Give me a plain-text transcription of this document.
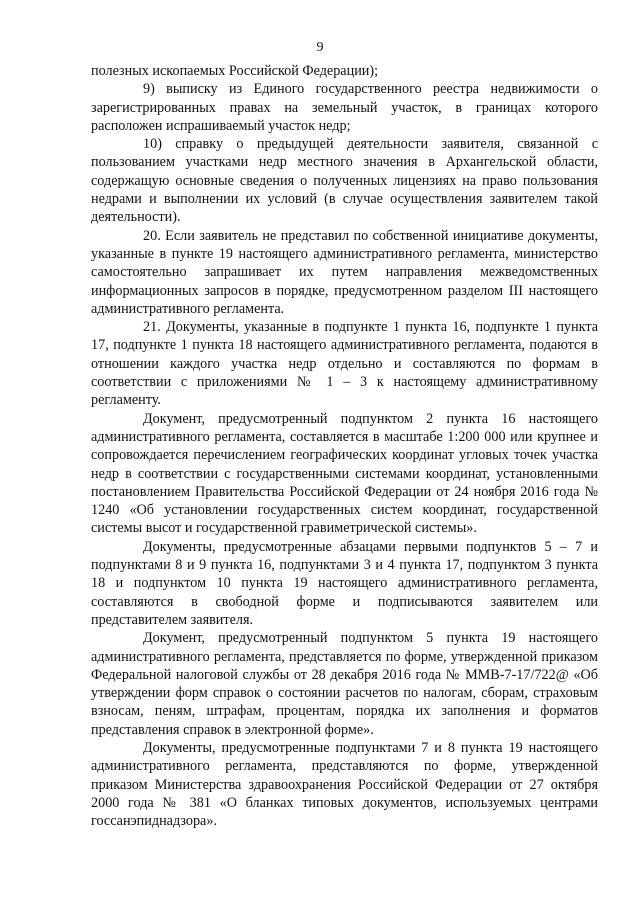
9

полезных ископаемых Российской Федерации);

9) выписку из Единого государственного реестра недвижимости о зарегистрированных правах на земельный участок, в границах которого расположен испрашиваемый участок недр;

10) справку о предыдущей деятельности заявителя, связанной с пользованием участками недр местного значения в Архангельской области, содержащую основные сведения о полученных лицензиях на право пользования недрами и выполнении их условий (в случае осуществления заявителем такой деятельности).

20. Если заявитель не представил по собственной инициативе документы, указанные в пункте 19 настоящего административного регламента, министерство самостоятельно запрашивает их путем направления межведомственных информационных запросов в порядке, предусмотренном разделом III настоящего административного регламента.

21. Документы, указанные в подпункте 1 пункта 16, подпункте 1 пункта 17, подпункте 1 пункта 18 настоящего административного регламента, подаются в отношении каждого участка недр отдельно и составляются по формам в соответствии с приложениями № 1 – 3 к настоящему административному регламенту.

Документ, предусмотренный подпунктом 2 пункта 16 настоящего административного регламента, составляется в масштабе 1:200 000 или крупнее и сопровождается перечислением географических координат угловых точек участка недр в соответствии с государственными системами координат, установленными постановлением Правительства Российской Федерации от 24 ноября 2016 года № 1240 «Об установлении государственных систем координат, государственной системы высот и государственной гравиметрической системы».

Документы, предусмотренные абзацами первыми подпунктов 5 – 7 и подпунктами 8 и 9 пункта 16, подпунктами 3 и 4 пункта 17, подпунктом 3 пункта 18 и подпунктом 10 пункта 19 настоящего административного регламента, составляются в свободной форме и подписываются заявителем или представителем заявителя.

Документ, предусмотренный подпунктом 5 пункта 19 настоящего административного регламента, представляется по форме, утвержденной приказом Федеральной налоговой службы от 28 декабря 2016 года № ММВ-7-17/722@ «Об утверждении форм справок о состоянии расчетов по налогам, сборам, страховым взносам, пеням, штрафам, процентам, порядка их заполнения и форматов представления справок в электронной форме».

Документы, предусмотренные подпунктами 7 и 8 пункта 19 настоящего административного регламента, представляются по форме, утвержденной приказом Министерства здравоохранения Российской Федерации от 27 октября 2000 года № 381 «О бланках типовых документов, используемых центрами госсанэпиднадзора».
